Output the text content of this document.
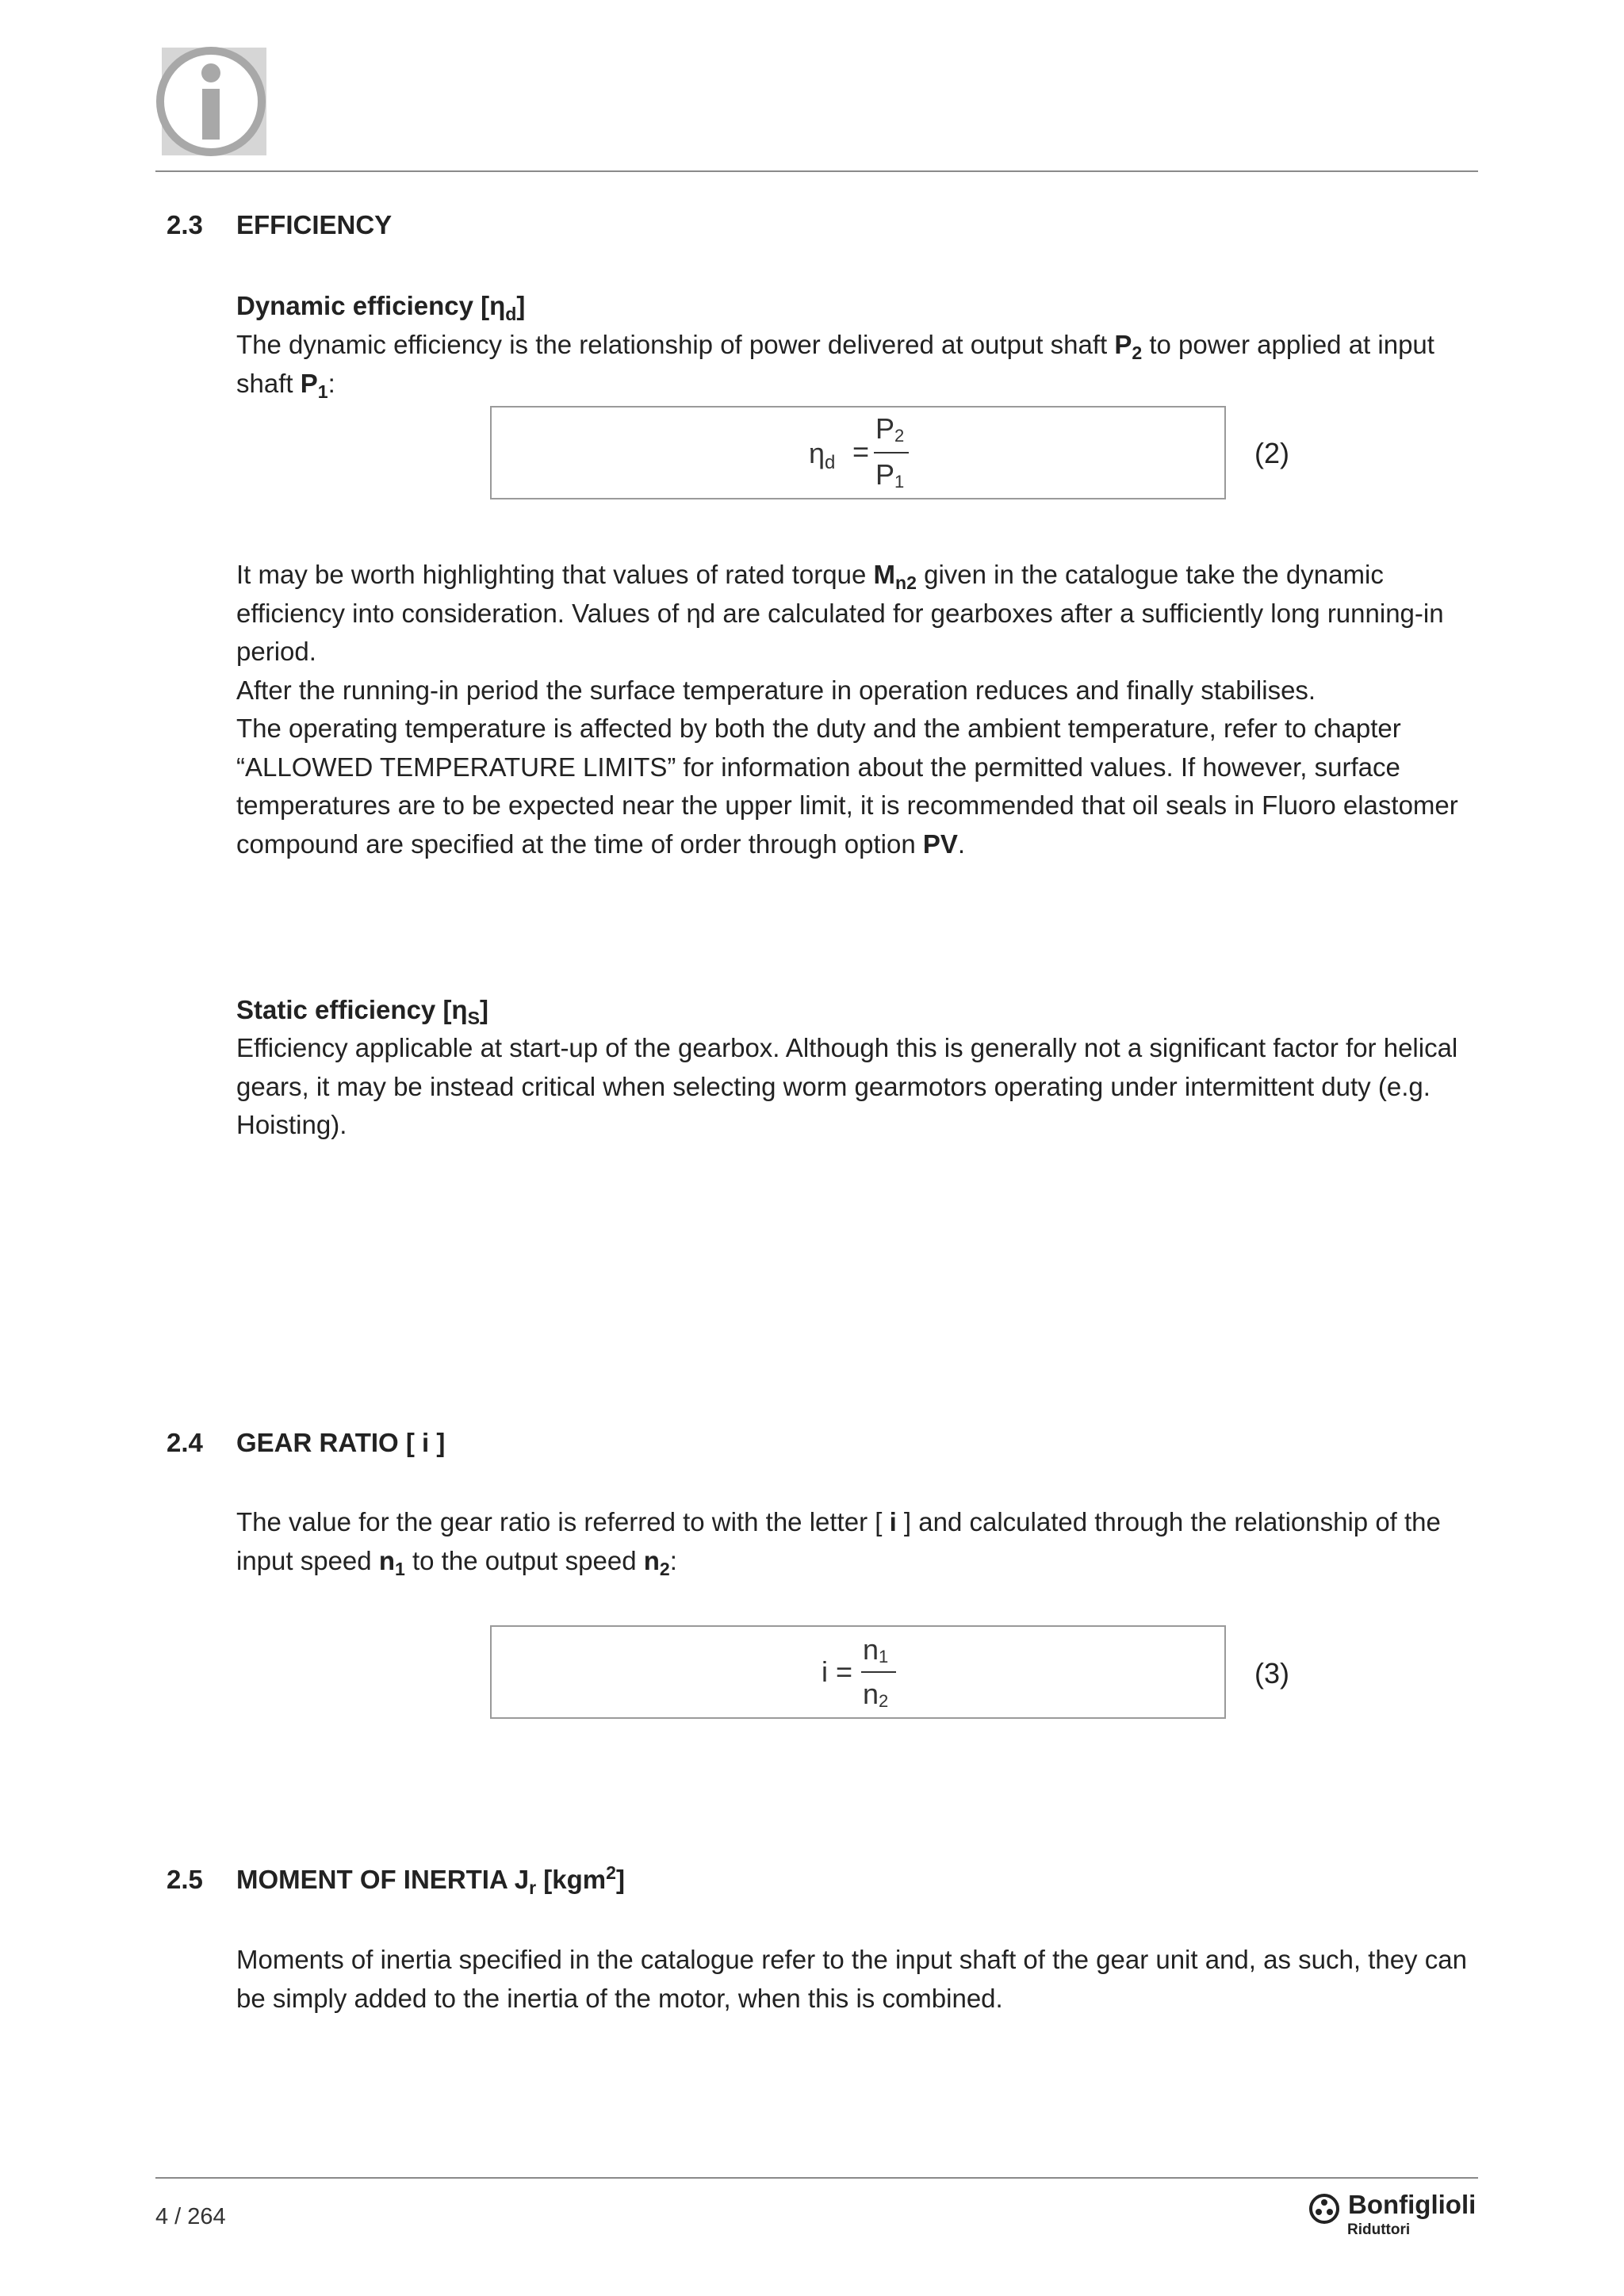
2.3 EFFICIENCY
Dynamic efficiency $[\eta_d]$
The dynamic efficiency is the relationship of power delivered at output shaft $P_2$ to power applied at input shaft $P_1$:
$\eta_d$ =
$P_2$
$P_1$
(2)

It may be worth highlighting that values of rated torque $M_{n2}$ given in the catalogue take the dynamic efficiency into consideration. Values of ηd are calculated for gearboxes after a sufficiently long running-in period.

After the running-in period the surface temperature in operation reduces and finally stabilises.

The operating temperature is affected by both the duty and the ambient temperature, refer to chapter “ALLOWED TEMPERATURE LIMITS” for information about the permitted values. If however, surface temperatures are to be expected near the upper limit, it is recommended that oil seals in Fluoro elastomer compound are specified at the time of order through option PV.

Static efficiency $[\eta_S]$
Efficiency applicable at start-up of the gearbox. Although this is generally not a significant factor for helical gears, it may be instead critical when selecting worm gearmotors operating under intermittent duty (e.g. Hoisting).
2.4 GEAR RATIO [ i ]
The value for the gear ratio is referred to with the letter [ i ] and calculated through the relationship of the input speed $n_1$ to the output speed $n_2$:
i =
$n_1$
$n_2$
(3)
2.5 MOMENT OF INERTIA $J_r$ [kgm$^2$]
Moments of inertia specified in the catalogue refer to the input shaft of the gear unit and, as such, they can be simply added to the inertia of the motor, when this is combined.
4 / 264	Bonfiglioli
Riduttori
